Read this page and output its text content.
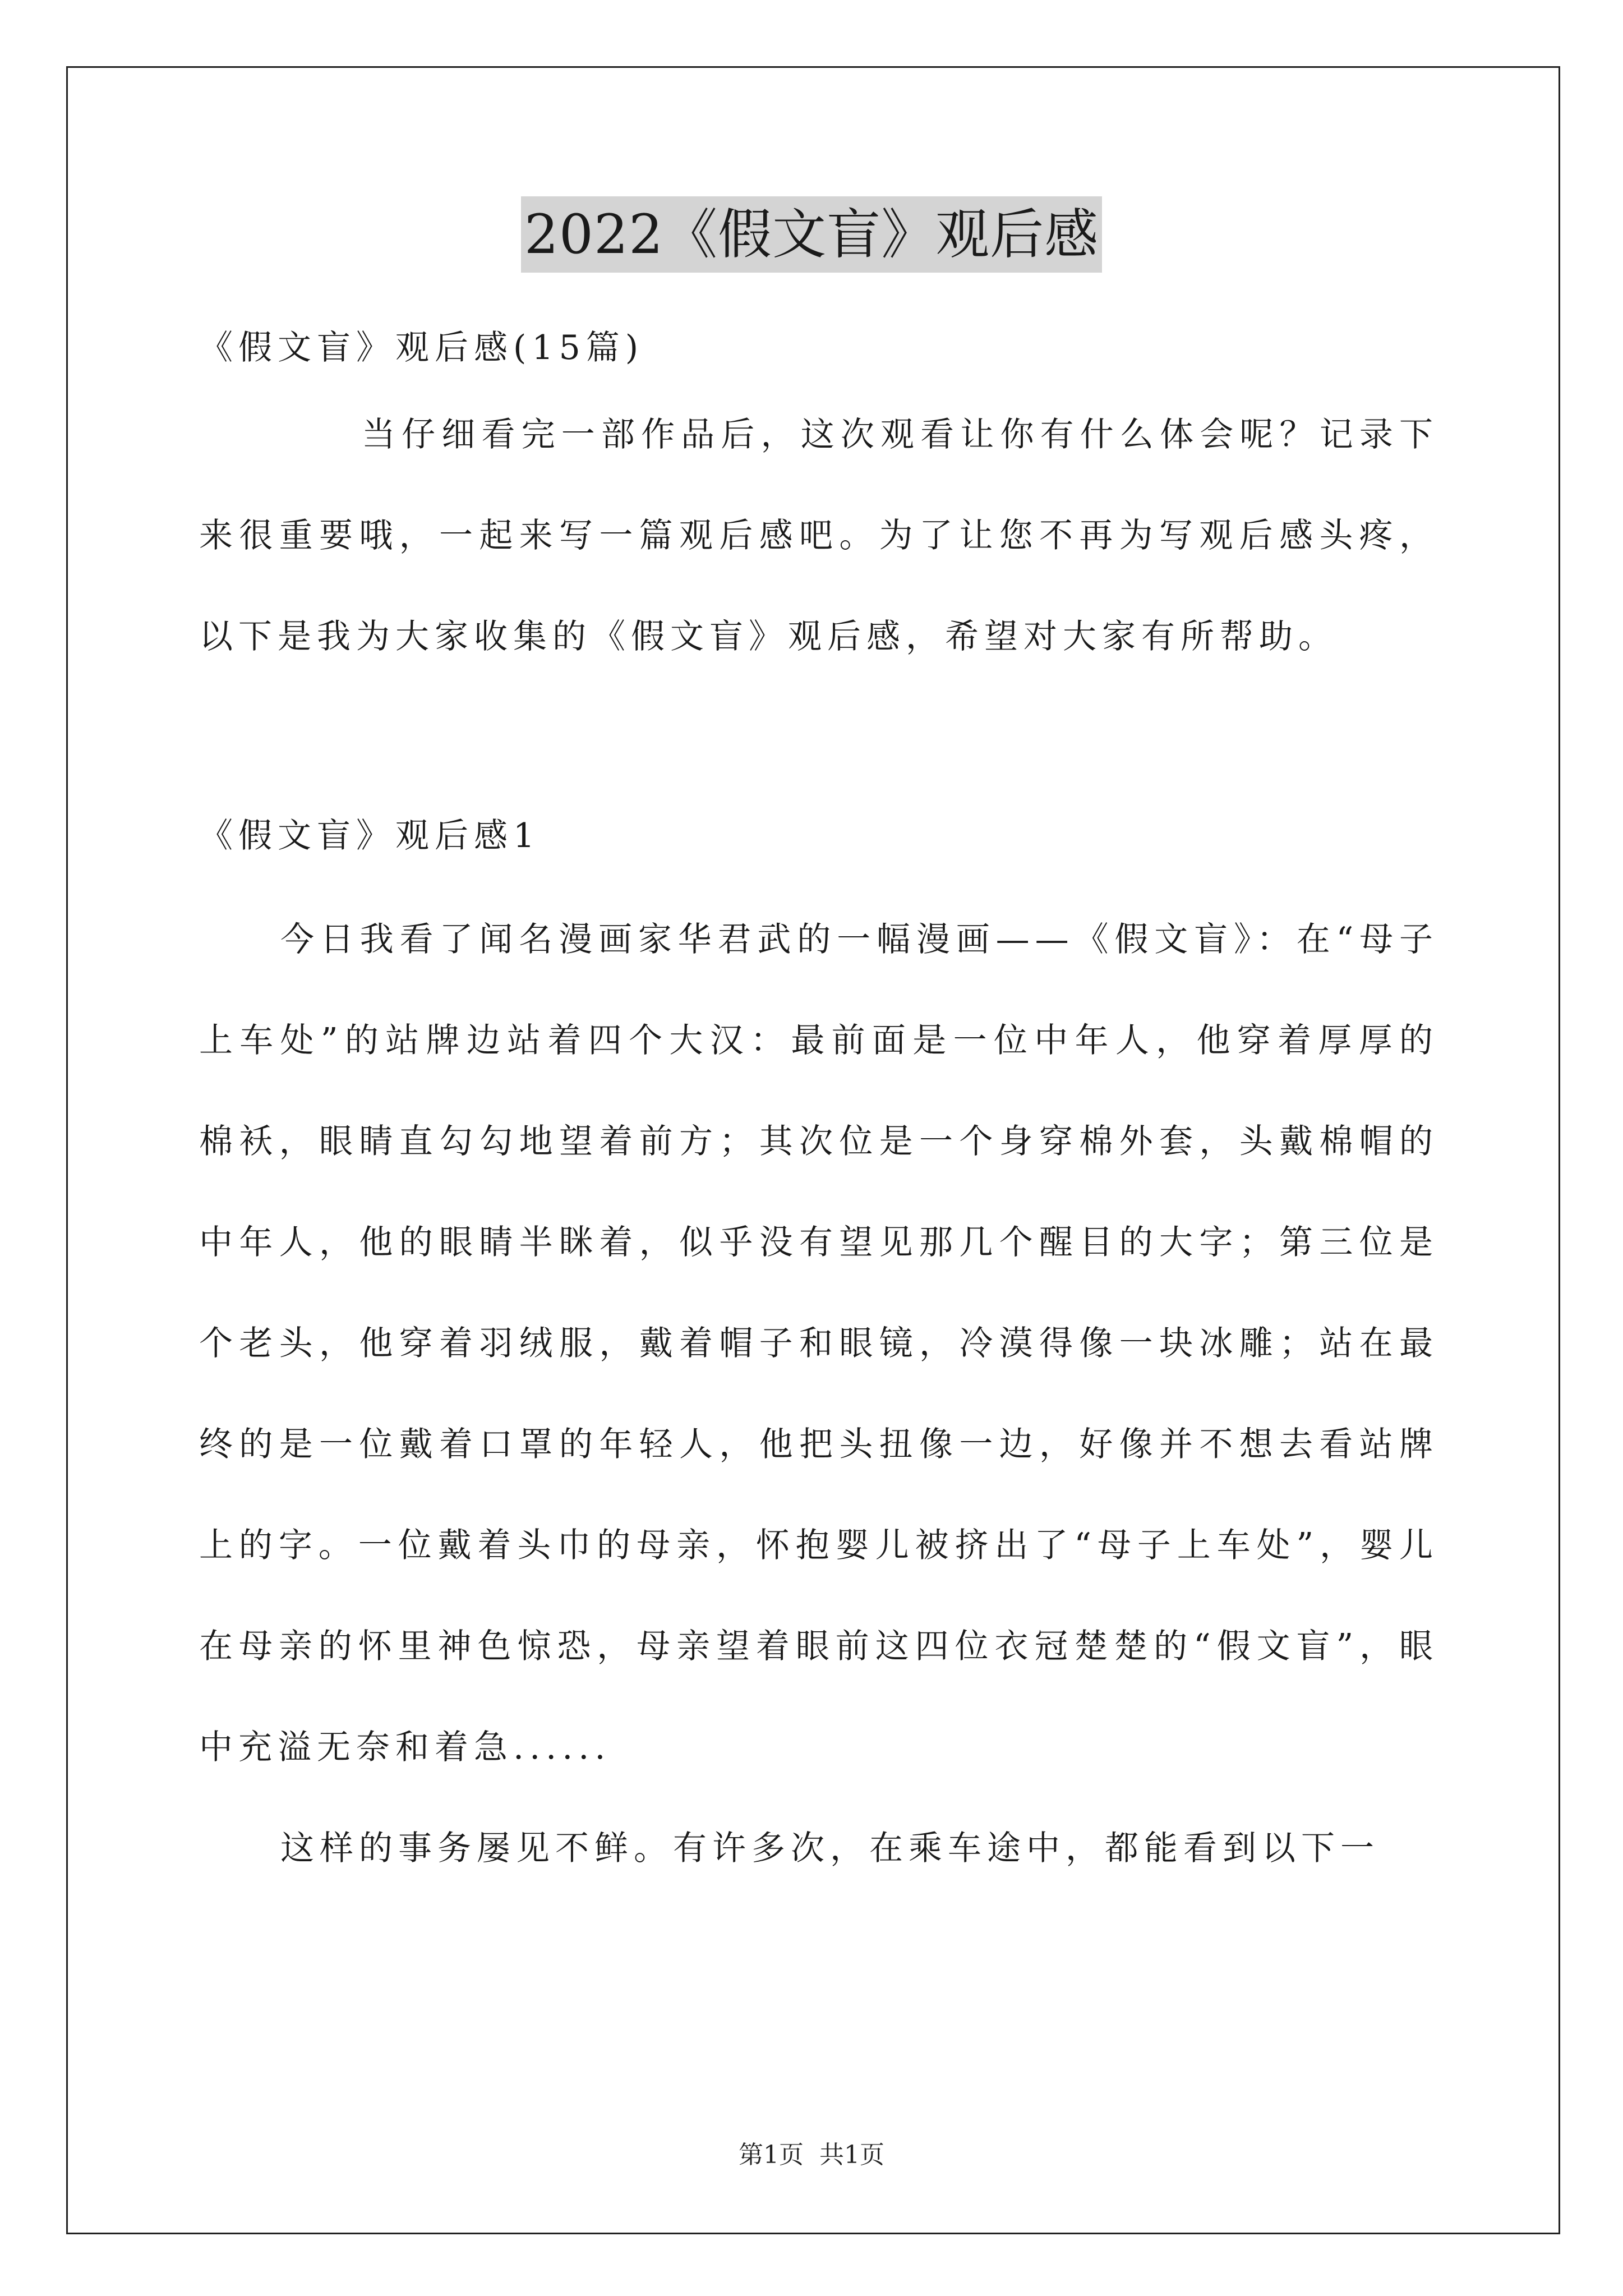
2022《假文盲》观后感
《假文盲》观后感(15篇)

当仔细看完一部作品后，这次观看让你有什么体会呢？记录下来很重要哦，一起来写一篇观后感吧。为了让您不再为写观后感头疼，以下是我为大家收集的《假文盲》观后感，希望对大家有所帮助。

《假文盲》观后感1

今日我看了闻名漫画家华君武的一幅漫画——《假文盲》：在“母子上车处”的站牌边站着四个大汉：最前面是一位中年人，他穿着厚厚的棉袄，眼睛直勾勾地望着前方；其次位是一个身穿棉外套，头戴棉帽的中年人，他的眼睛半眯着，似乎没有望见那几个醒目的大字；第三位是个老头，他穿着羽绒服，戴着帽子和眼镜，冷漠得像一块冰雕；站在最终的是一位戴着口罩的年轻人，他把头扭像一边，好像并不想去看站牌上的字。一位戴着头巾的母亲，怀抱婴儿被挤出了“母子上车处”，婴儿在母亲的怀里神色惊恐，母亲望着眼前这四位衣冠楚楚的“假文盲”，眼中充溢无奈和着急......

这样的事务屡见不鲜。有许多次，在乘车途中，都能看到以下一

第1页 共1页
